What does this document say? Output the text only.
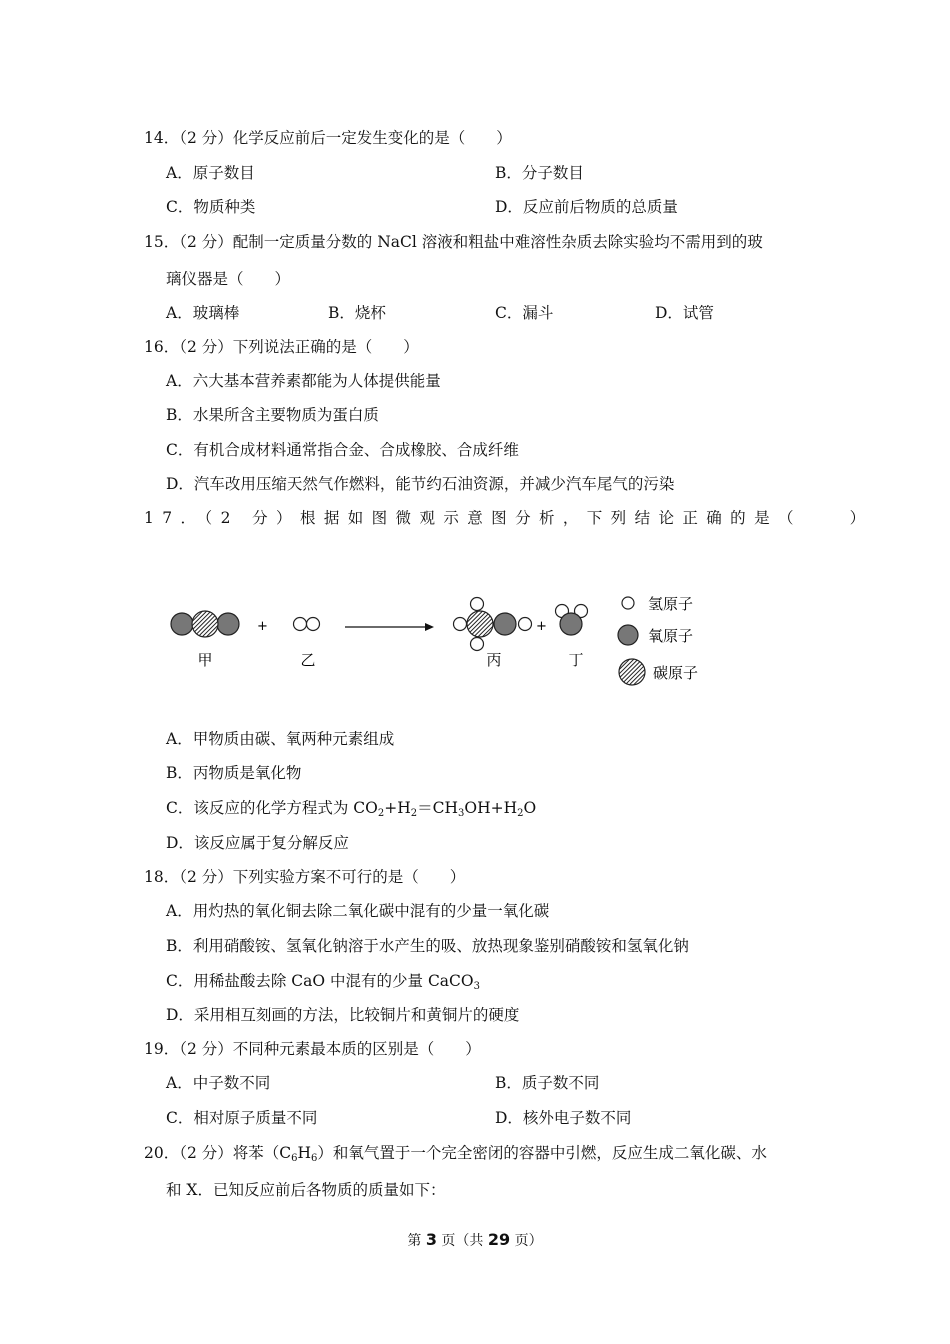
14．（2 分）化学反应前后一定发生变化的是（　　）
A．原子数目	B．分子数目
C．物质种类	D．反应前后物质的总质量
15．（2 分）配制一定质量分数的 NaCl 溶液和粗盐中难溶性杂质去除实验均不需用到的玻
璃仪器是（　　）
A．玻璃棒	B．烧杯	C．漏斗	D．试管
16．（2 分）下列说法正确的是（　　）
A．六大基本营养素都能为人体提供能量
B．水果所含主要物质为蛋白质
C．有机合成材料通常指合金、合成橡胶、合成纤维
D．汽车改用压缩天然气作燃料，能节约石油资源，并减少汽车尾气的污染
17．（2 分）根据如图微观示意图分析，下列结论正确的是（　　）
+	+
甲	乙	丙	丁
氢原子
氧原子
碳原子
A．甲物质由碳、氧两种元素组成
B．丙物质是氧化物
C．该反应的化学方程式为 $CO_2+H_2=CH_3OH+H_2O$
D．该反应属于复分解反应
18．（2 分）下列实验方案不可行的是（　　）
A．用灼热的氧化铜去除二氧化碳中混有的少量一氧化碳
B．利用硝酸铵、氢氧化钠溶于水产生的吸、放热现象鉴别硝酸铵和氢氧化钠
C．用稀盐酸去除 CaO 中混有的少量 CaCO$_3$
D．采用相互刻画的方法，比较铜片和黄铜片的硬度
19．（2 分）不同种元素最本质的区别是（　　）
A．中子数不同	B．质子数不同
C．相对原子质量不同	D．核外电子数不同
20．（2 分）将苯$(C_6H_6)$和氧气置于一个完全密闭的容器中引燃，反应生成二氧化碳、水
和 X．已知反应前后各物质的质量如下：
第 3 页（共 29 页）
